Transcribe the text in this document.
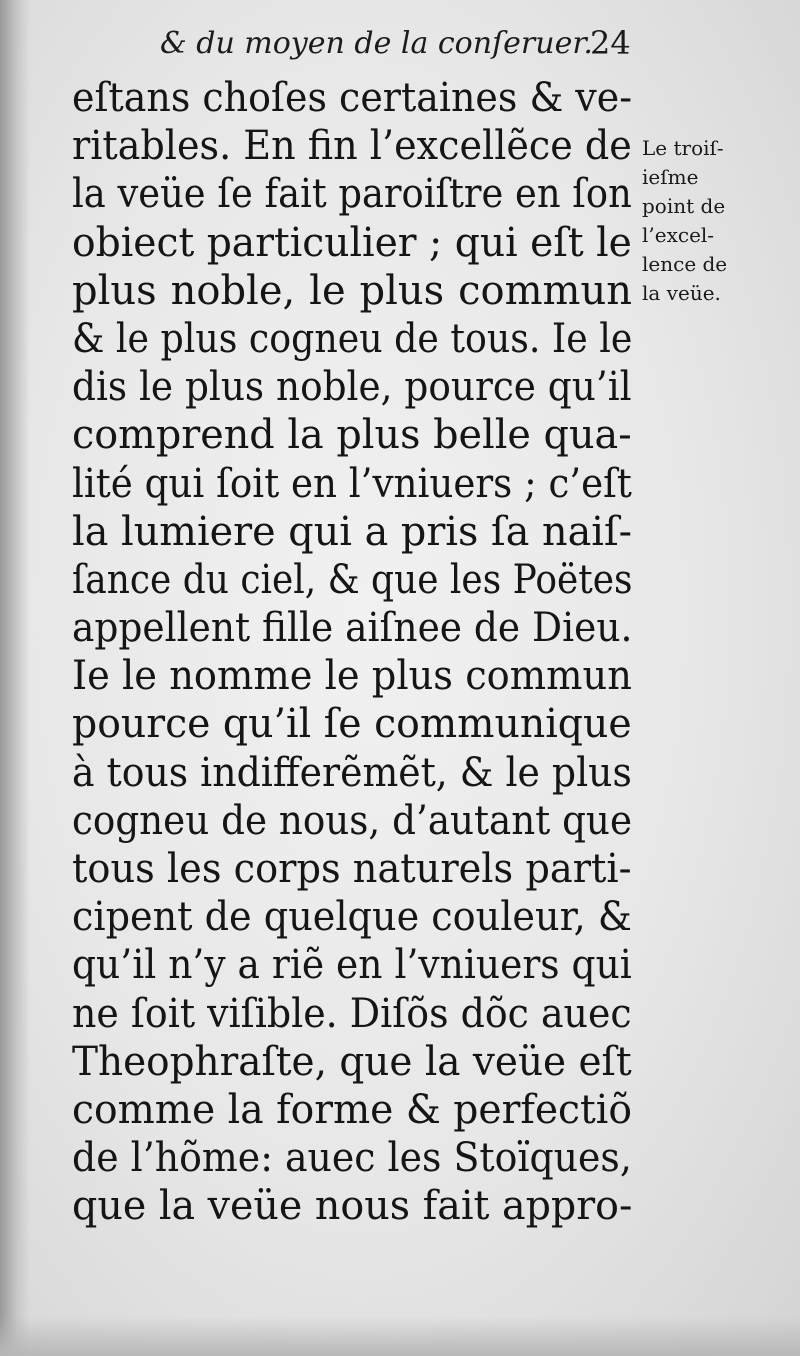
& du moyen de la conſeruer.
24
eſtans choſes certaines & ve-
ritables. En fin l’excellẽce de
la veüe ſe fait paroiſtre en ſon
obiect particulier ; qui eſt le
plus noble, le plus commun
& le plus cogneu de tous. Ie le
dis le plus noble, pource qu’il
comprend la plus belle qua-
lité qui ſoit en l’vniuers ; c’eſt
la lumiere qui a pris ſa naiſ-
ſance du ciel, & que les Poëtes
appellent fille aiſnee de Dieu.
Ie le nomme le plus commun
pource qu’il ſe communique
à tous indifferẽmẽt, & le plus
cogneu de nous, d’autant que
tous les corps naturels parti-
cipent de quelque couleur, &
qu’il n’y a riẽ en l’vniuers qui
ne ſoit viſible. Diſõs dõc auec
Theophraſte, que la veüe eſt
comme la forme & perfectiõ
de l’hõme: auec les Stoïques,
que la veüe nous fait appro-
Le troiſ-
ieſme
point de
l’excel-
lence de
la veüe.
